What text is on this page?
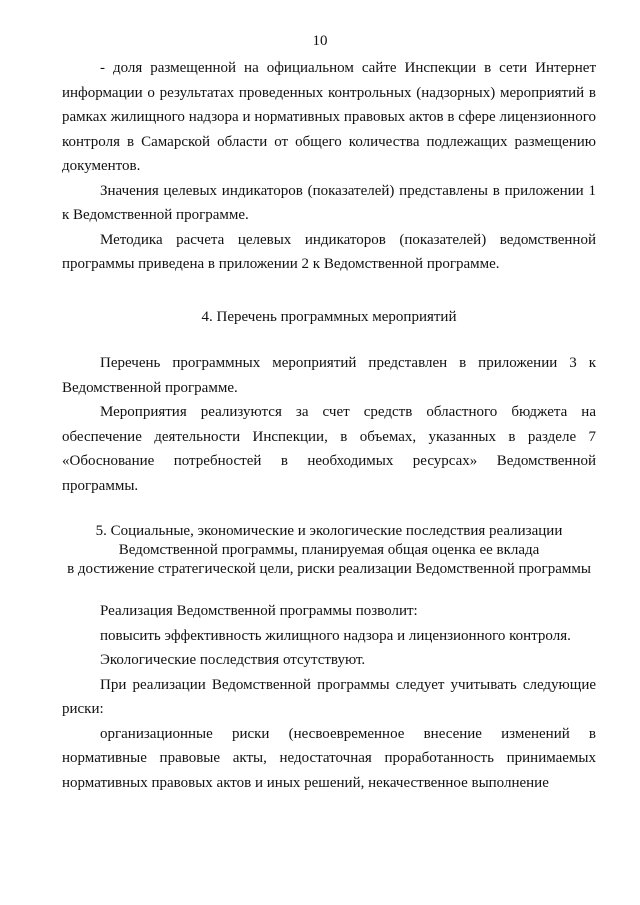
10

- доля размещенной на официальном сайте Инспекции в сети Интернет информации о результатах проведенных контрольных (надзорных) мероприятий в рамках жилищного надзора и нормативных правовых актов в сфере лицензионного контроля в Самарской области от общего количества подлежащих размещению документов.

Значения целевых индикаторов (показателей) представлены в приложении 1 к Ведомственной программе.

Методика расчета целевых индикаторов (показателей) ведомственной программы приведена в приложении 2 к Ведомственной программе.

4. Перечень программных мероприятий

Перечень программных мероприятий представлен в приложении 3 к Ведомственной программе.

Мероприятия реализуются за счет средств областного бюджета на обеспечение деятельности Инспекции, в объемах, указанных в разделе 7 «Обоснование потребностей в необходимых ресурсах» Ведомственной программы.

5. Социальные, экономические и экологические последствия реализации
Ведомственной программы, планируемая общая оценка ее вклада
в достижение стратегической цели, риски реализации Ведомственной программы

Реализация Ведомственной программы позволит:

повысить эффективность жилищного надзора и лицензионного контроля.

Экологические последствия отсутствуют.

При реализации Ведомственной программы следует учитывать следующие риски:

организационные риски (несвоевременное внесение изменений в нормативные правовые акты, недостаточная проработанность принимаемых нормативных правовых актов и иных решений, некачественное выполнение
